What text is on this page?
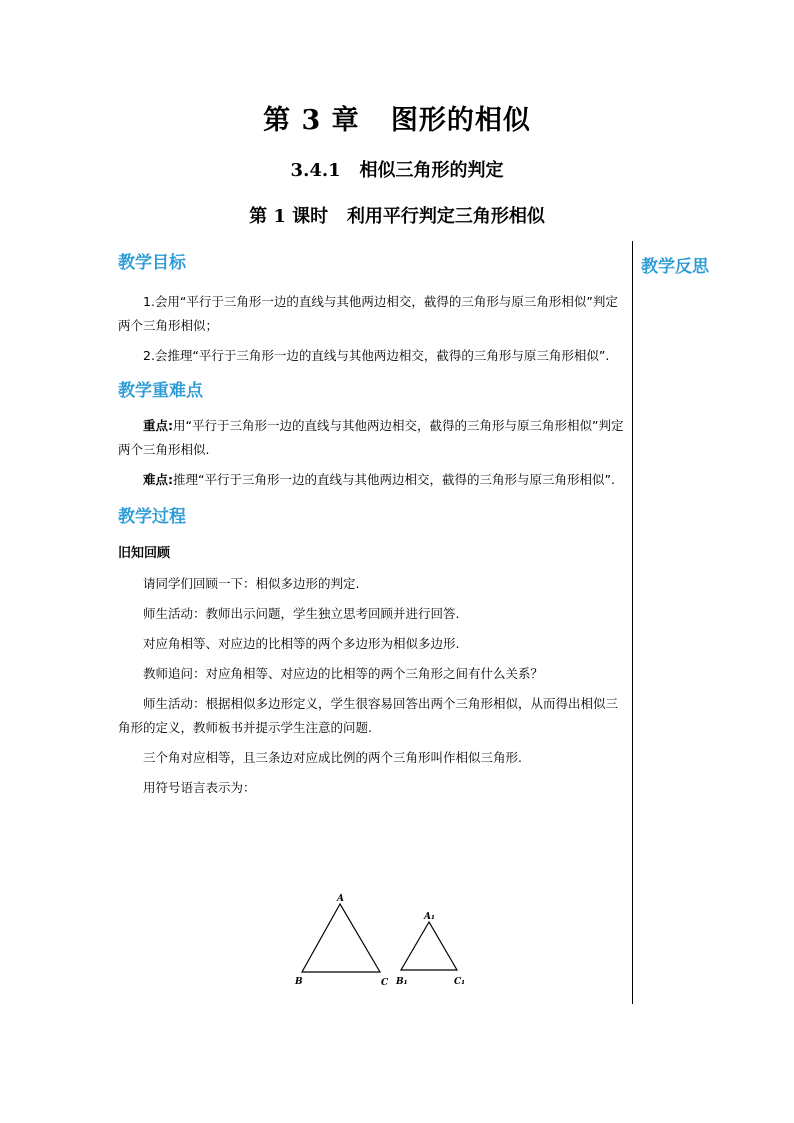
第 3 章   图形的相似
3.4.1   相似三角形的判定
第 1 课时   利用平行判定三角形相似
教学反思
教学目标

1.会用“平行于三角形一边的直线与其他两边相交，截得的三角形与原三角形相似”判定两个三角形相似；

2.会推理“平行于三角形一边的直线与其他两边相交，截得的三角形与原三角形相似”.

教学重难点

重点:用“平行于三角形一边的直线与其他两边相交，截得的三角形与原三角形相似”判定两个三角形相似.

难点:推理“平行于三角形一边的直线与其他两边相交，截得的三角形与原三角形相似”.

教学过程

旧知回顾

请同学们回顾一下：相似多边形的判定.

师生活动：教师出示问题，学生独立思考回顾并进行回答.

对应角相等、对应边的比相等的两个多边形为相似多边形.

教师追问：对应角相等、对应边的比相等的两个三角形之间有什么关系？

师生活动：根据相似多边形定义，学生很容易回答出两个三角形相似，从而得出相似三角形的定义，教师板书并提示学生注意的问题.

三个角对应相等，且三条边对应成比例的两个三角形叫作相似三角形.

用符号语言表示为：

A
B	C
A₁
B₁	C₁
